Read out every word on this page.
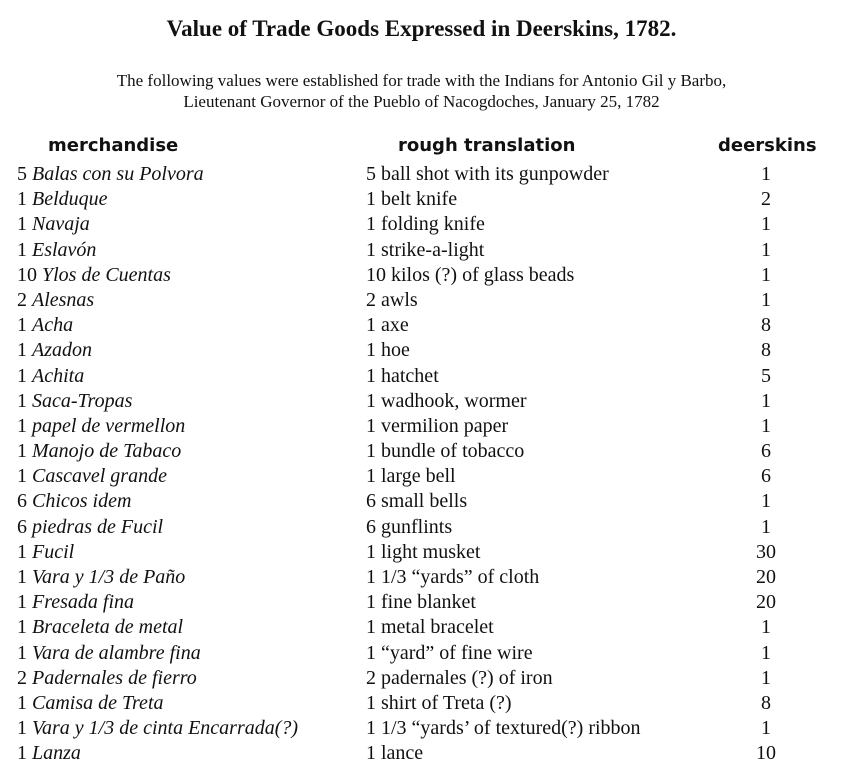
Value of Trade Goods Expressed in Deerskins, 1782.
The following values were established for trade with the Indians for Antonio Gil y Barbo,
Lieutenant Governor of the Pueblo of Nacogdoches, January 25, 1782
merchandise	rough translation	deerskins
5 Balas con su Polvora	5 ball shot with its gunpowder	1
1 Belduque	1 belt knife	2
1 Navaja	1 folding knife	1
1 Eslavón	1 strike-a-light	1
10 Ylos de Cuentas	10 kilos (?) of glass beads	1
2 Alesnas	2 awls	1
1 Acha	1 axe	8
1 Azadon	1 hoe	8
1 Achita	1 hatchet	5
1 Saca-Tropas	1 wadhook, wormer	1
1 papel de vermellon	1 vermilion paper	1
1 Manojo de Tabaco	1 bundle of tobacco	6
1 Cascavel grande	1 large bell	6
6 Chicos idem	6 small bells	1
6 piedras de Fucil	6 gunflints	1
1 Fucil	1 light musket	30
1 Vara y 1/3 de Paño	1 1/3 “yards” of cloth	20
1 Fresada fina	1 fine blanket	20
1 Braceleta de metal	1 metal bracelet	1
1 Vara de alambre fina	1 “yard” of fine wire	1
2 Padernales de fierro	2 padernales (?) of iron	1
1 Camisa de Treta	1 shirt of Treta (?)	8
1 Vara y 1/3 de cinta Encarrada(?)	1 1/3 “yards’ of textured(?) ribbon	1
1 Lanza	1 lance	10
